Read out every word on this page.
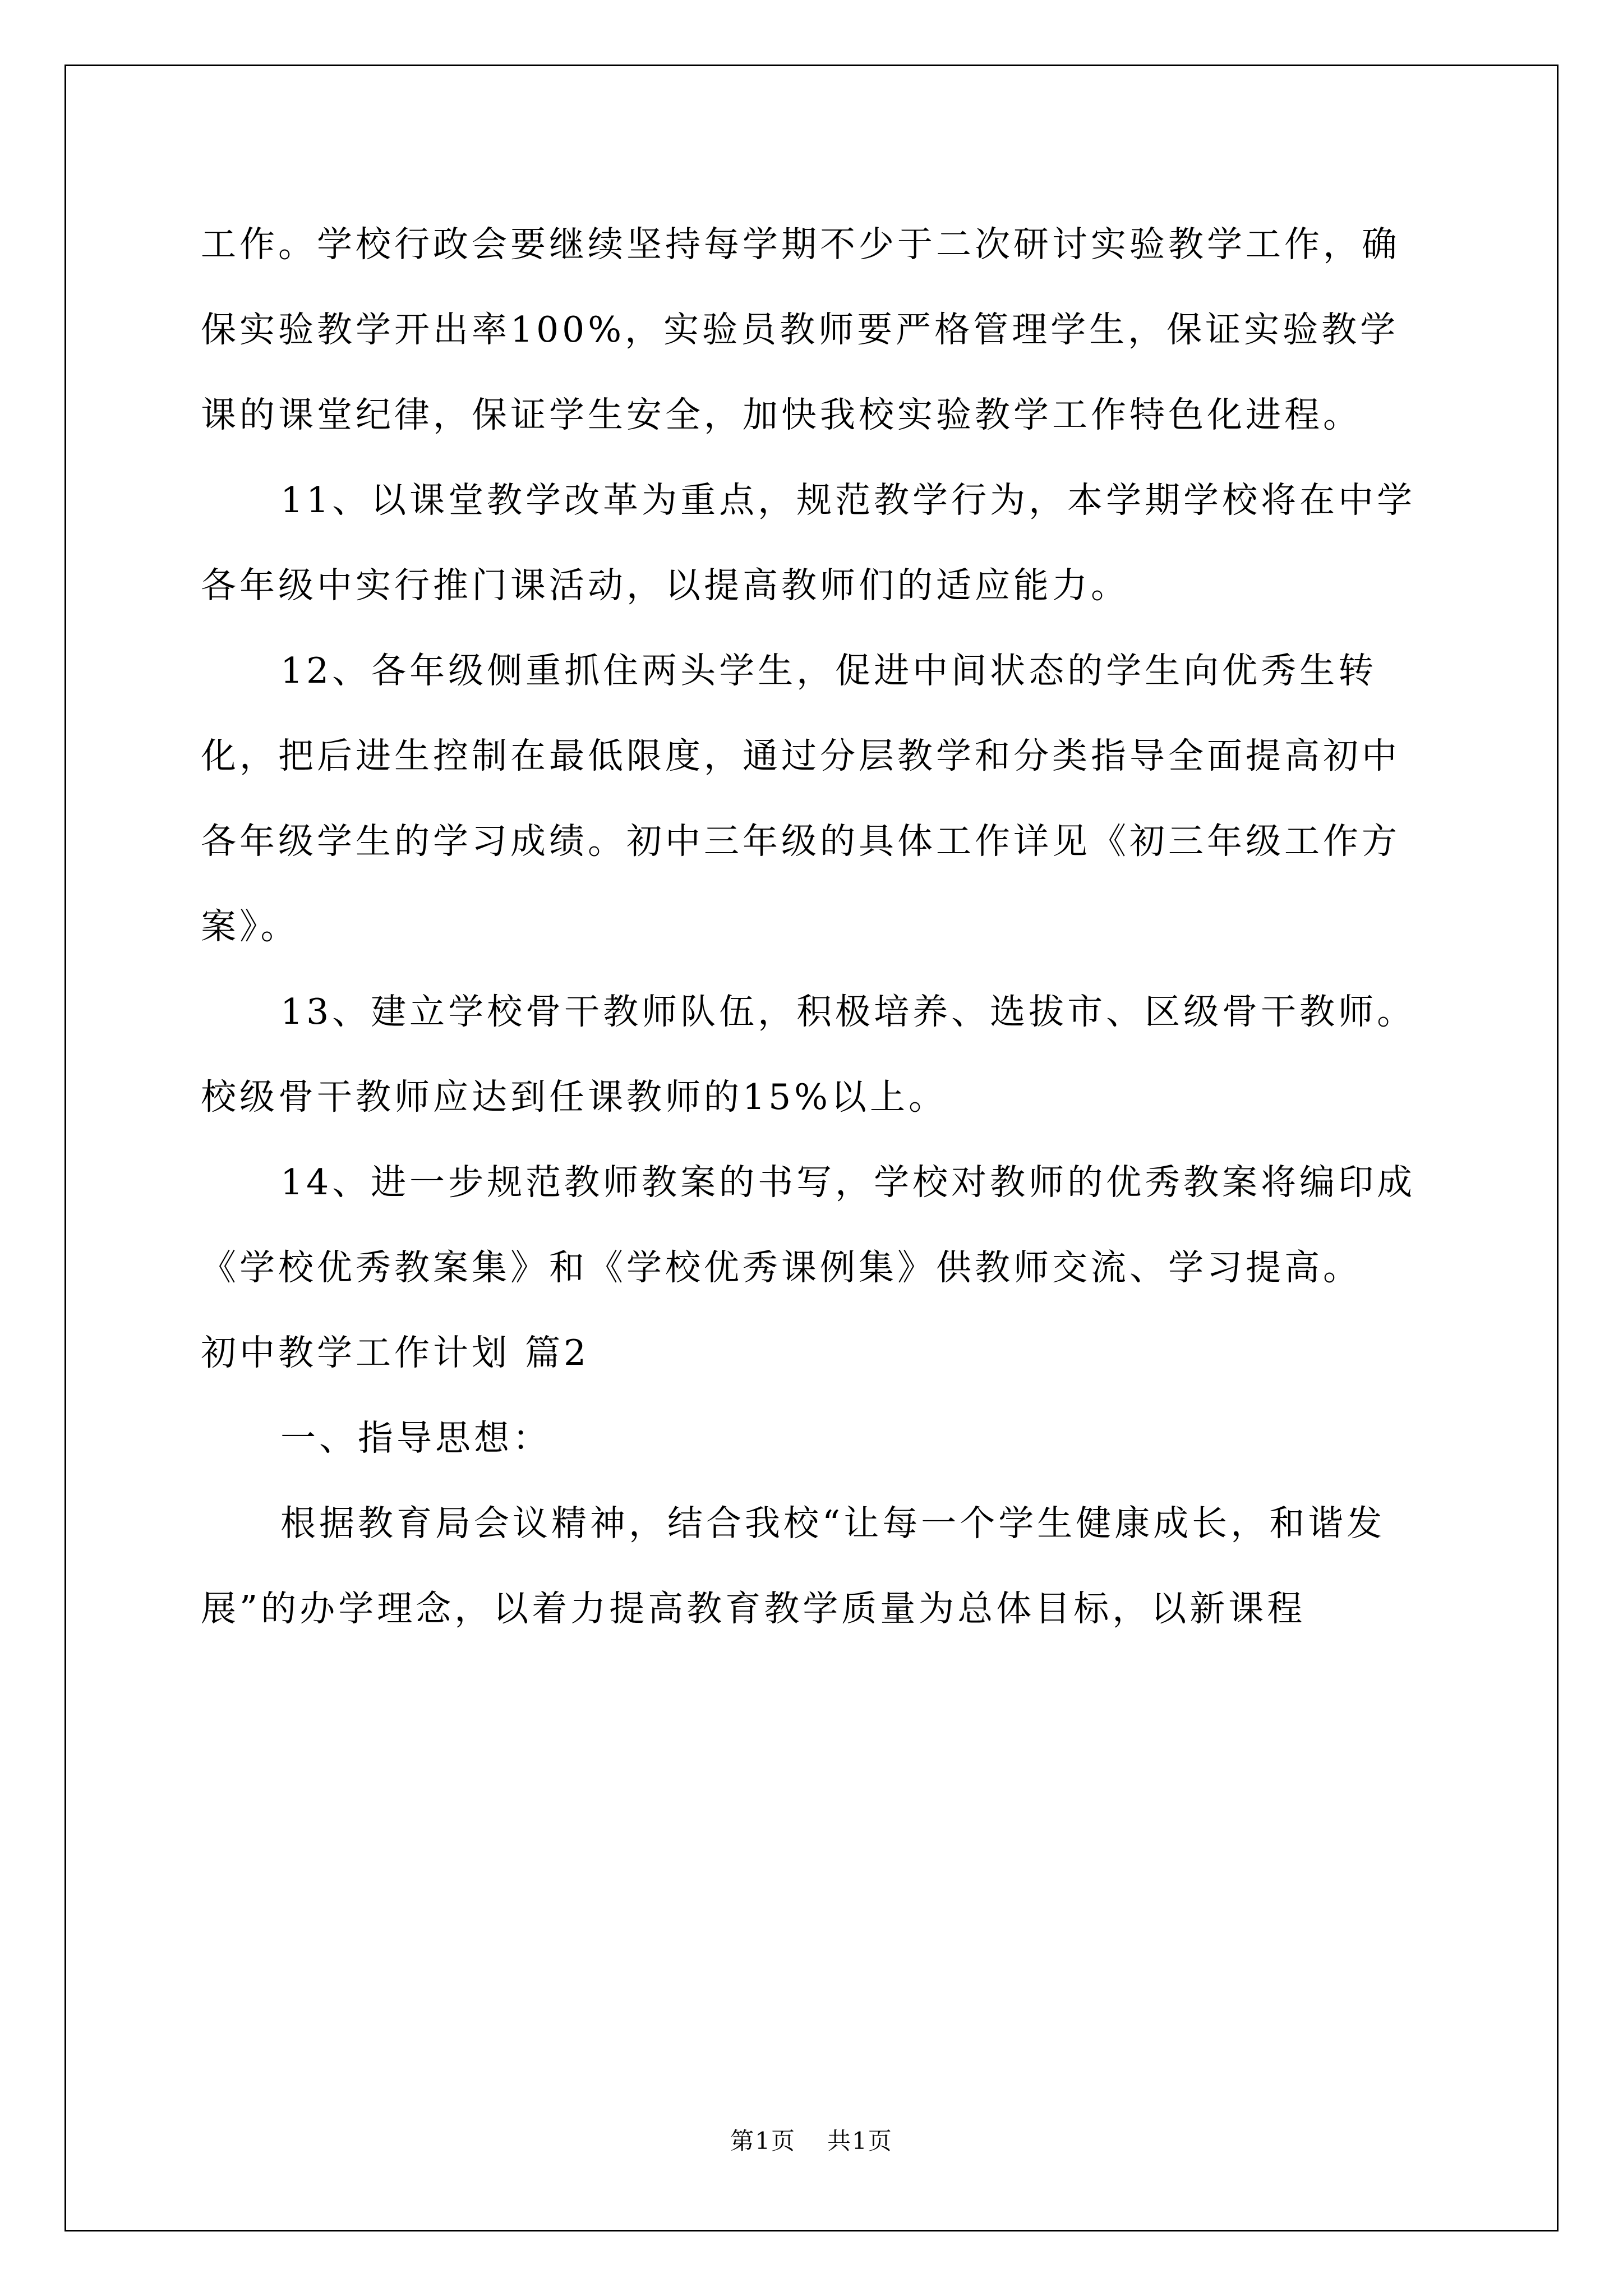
工作。学校行政会要继续坚持每学期不少于二次研讨实验教学工作，确保实验教学开出率100%，实验员教师要严格管理学生，保证实验教学课的课堂纪律，保证学生安全，加快我校实验教学工作特色化进程。

11、以课堂教学改革为重点，规范教学行为，本学期学校将在中学各年级中实行推门课活动，以提高教师们的适应能力。

12、各年级侧重抓住两头学生，促进中间状态的学生向优秀生转化，把后进生控制在最低限度，通过分层教学和分类指导全面提高初中各年级学生的学习成绩。初中三年级的具体工作详见《初三年级工作方案》。

13、建立学校骨干教师队伍，积极培养、选拔市、区级骨干教师。校级骨干教师应达到任课教师的15%以上。

14、进一步规范教师教案的书写，学校对教师的优秀教案将编印成《学校优秀教案集》和《学校优秀课例集》供教师交流、学习提高。

初中教学工作计划 篇2

一、指导思想：

根据教育局会议精神，结合我校“让每一个学生健康成长，和谐发展”的办学理念，以着力提高教育教学质量为总体目标，以新课程

第1页 共1页
